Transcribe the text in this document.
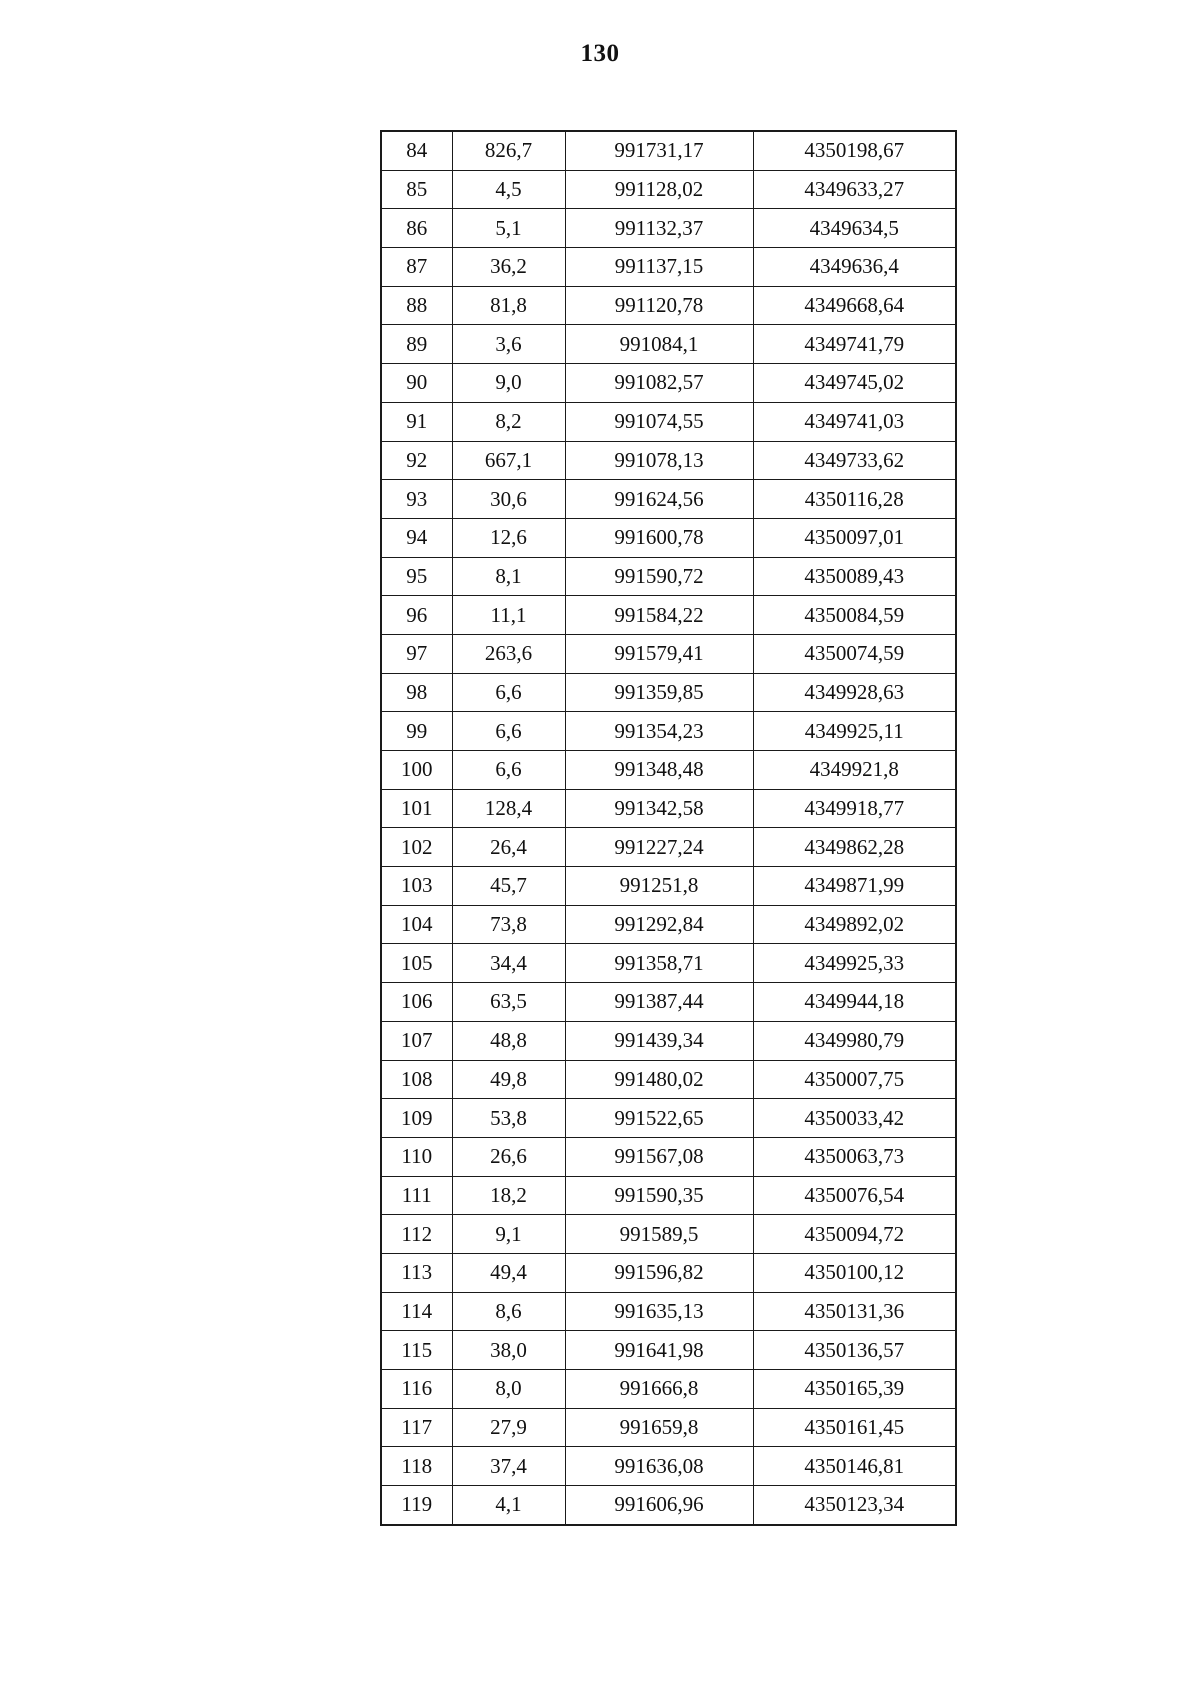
130
84	826,7	991731,17	4350198,67
85	4,5	991128,02	4349633,27
86	5,1	991132,37	4349634,5
87	36,2	991137,15	4349636,4
88	81,8	991120,78	4349668,64
89	3,6	991084,1	4349741,79
90	9,0	991082,57	4349745,02
91	8,2	991074,55	4349741,03
92	667,1	991078,13	4349733,62
93	30,6	991624,56	4350116,28
94	12,6	991600,78	4350097,01
95	8,1	991590,72	4350089,43
96	11,1	991584,22	4350084,59
97	263,6	991579,41	4350074,59
98	6,6	991359,85	4349928,63
99	6,6	991354,23	4349925,11
100	6,6	991348,48	4349921,8
101	128,4	991342,58	4349918,77
102	26,4	991227,24	4349862,28
103	45,7	991251,8	4349871,99
104	73,8	991292,84	4349892,02
105	34,4	991358,71	4349925,33
106	63,5	991387,44	4349944,18
107	48,8	991439,34	4349980,79
108	49,8	991480,02	4350007,75
109	53,8	991522,65	4350033,42
110	26,6	991567,08	4350063,73
111	18,2	991590,35	4350076,54
112	9,1	991589,5	4350094,72
113	49,4	991596,82	4350100,12
114	8,6	991635,13	4350131,36
115	38,0	991641,98	4350136,57
116	8,0	991666,8	4350165,39
117	27,9	991659,8	4350161,45
118	37,4	991636,08	4350146,81
119	4,1	991606,96	4350123,34
